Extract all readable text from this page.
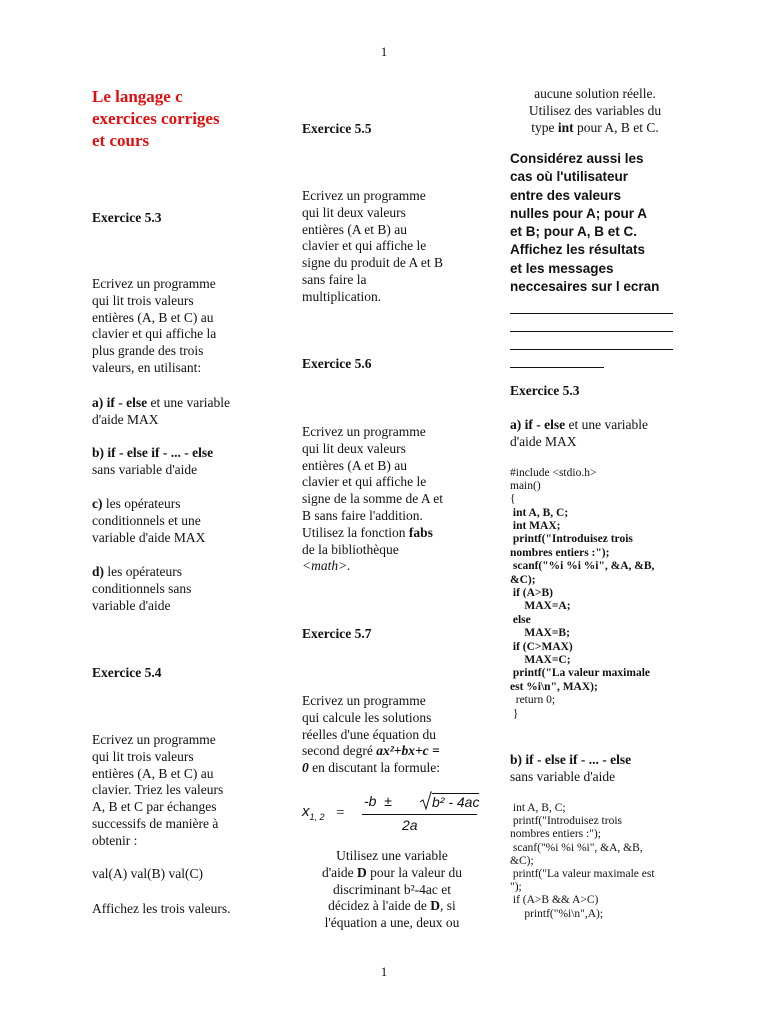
1
1
Le langage c
exercices corriges
et cours
Exercice 5.3
Ecrivez un programme
qui lit trois valeurs
entières (A, B et C) au
clavier et qui affiche la
plus grande des trois
valeurs, en utilisant:
a) if - else et une variable
d'aide MAX
b) if - else if - ... - else
sans variable d'aide
c) les opérateurs
conditionnels et une
variable d'aide MAX
d) les opérateurs
conditionnels sans
variable d'aide
Exercice 5.4
Ecrivez un programme
qui lit trois valeurs
entières (A, B et C) au
clavier. Triez les valeurs
A, B et C par échanges
successifs de manière à
obtenir :
val(A) val(B) val(C)
Affichez les trois valeurs.
Exercice 5.5
Ecrivez un programme
qui lit deux valeurs
entières (A et B) au
clavier et qui affiche le
signe du produit de A et B
sans faire la
multiplication.
Exercice 5.6
Ecrivez un programme
qui lit deux valeurs
entières (A et B) au
clavier et qui affiche le
signe de la somme de A et
B sans faire l'addition.
Utilisez la fonction fabs
de la bibliothèque
<math>.
Exercice 5.7
Ecrivez un programme
qui calcule les solutions
réelles d'une équation du
second degré ax²+bx+c =
0 en discutant la formule:
$x_{1, 2}$ =
-b  ±	b² - 4ac
2a
Utilisez une variable
d'aide D pour la valeur du
discriminant b²-4ac et
décidez à l'aide de D, si
l'équation a une, deux ou
aucune solution réelle.
Utilisez des variables du
type int pour A, B et C.
Considérez aussi les
cas où l'utilisateur
entre des valeurs
nulles pour A; pour A
et B; pour A, B et C.
Affichez les résultats
et les messages
neccesaires sur l ecran
Exercice 5.3
a) if - else et une variable
d'aide MAX
#include <stdio.h>
main()
{
int A, B, C;
int MAX;
printf("Introduisez trois
nombres entiers :");
scanf("%i %i %i", &A, &B,
&C);
if (A>B)
MAX=A;
else
MAX=B;
if (C>MAX)
MAX=C;
printf("La valeur maximale
est %i\n", MAX);
return 0;
}
b) if - else if - ... - else
sans variable d'aide
int A, B, C;
printf("Introduisez trois
nombres entiers :");
scanf("%i %i %i", &A, &B,
&C);
printf("La valeur maximale est
");
if (A>B && A>C)
printf("%i\n",A);
